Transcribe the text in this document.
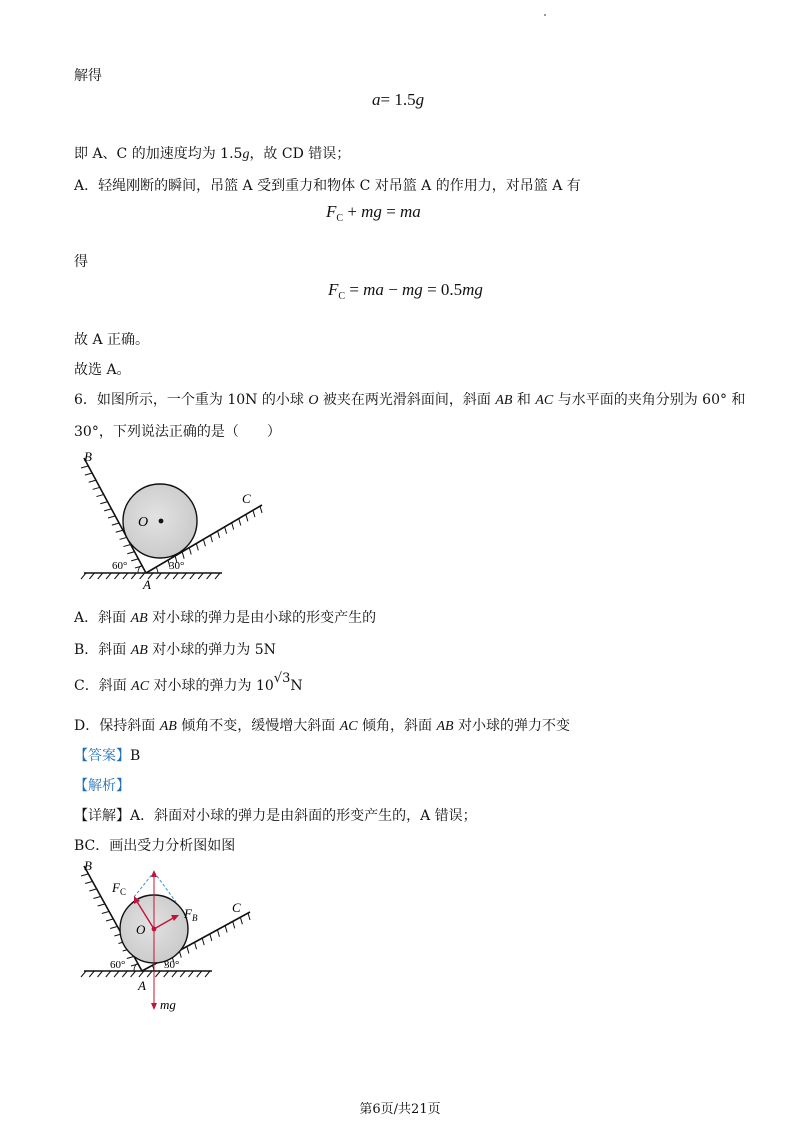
解得
a= 1.5g
即 A、C 的加速度均为 1.5g，故 CD 错误；
A．轻绳刚断的瞬间，吊篮 A 受到重力和物体 C 对吊篮 A 的作用力，对吊篮 A 有
$F_C$ + mg = ma
得
$F_C$ = ma − mg = 0.5mg
故 A 正确。
故选 A。
6．如图所示，一个重为 10N 的小球 O 被夹在两光滑斜面间，斜面 AB 和 AC 与水平面的夹角分别为 60° 和
30°，下列说法正确的是（　　）
O
B
C
A
60°	30°
A．斜面 AB 对小球的弹力是由小球的形变产生的
B．斜面 AB 对小球的弹力为 5N
C．斜面 AC 对小球的弹力为 10√3N
D．保持斜面 AB 倾角不变，缓慢增大斜面 AC 倾角，斜面 AB 对小球的弹力不变
【答案】B
【解析】
【详解】A．斜面对小球的弹力是由斜面的形变产生的，A 错误；
BC．画出受力分析图如图
B
C
O
A
$F_C$
$F_B$
mg
60°	30°
第6页/共21页
